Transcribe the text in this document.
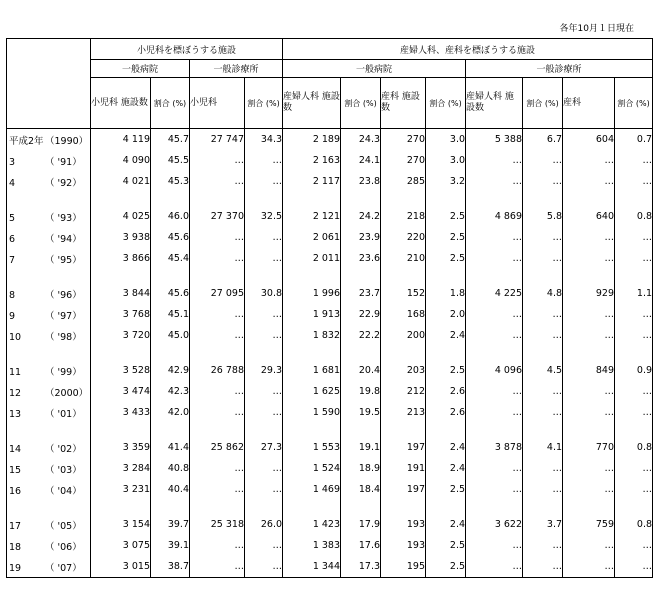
各年10月１日現在
	小児科を標ぼうする施設				産婦人科、産科を標ぼうする施設							
	一般病院		一般診療所		一般病院				一般診療所			
	小児科 施設数	割合 (%)	小児科	割合 (%)	産婦人科 施設数	割合 (%)	産科 施設数	割合 (%)	産婦人科 施設数	割合 (%)	産科	割合 (%)
平成2年（1990）	4 119	45.7	27 747	34.3	2 189	24.3	270	3.0	5 388	6.7	604	0.7
3 （ '91）	4 090	45.5	…	…	2 163	24.1	270	3.0	…	…	…	…
4 （ '92）	4 021	45.3	…	…	2 117	23.8	285	3.2	…	…	…	…
5 （ '93）	4 025	46.0	27 370	32.5	2 121	24.2	218	2.5	4 869	5.8	640	0.8
6 （ '94）	3 938	45.6	…	…	2 061	23.9	220	2.5	…	…	…	…
7 （ '95）	3 866	45.4	…	…	2 011	23.6	210	2.5	…	…	…	…
8 （ '96）	3 844	45.6	27 095	30.8	1 996	23.7	152	1.8	4 225	4.8	929	1.1
9 （ '97）	3 768	45.1	…	…	1 913	22.9	168	2.0	…	…	…	…
10 （ '98）	3 720	45.0	…	…	1 832	22.2	200	2.4	…	…	…	…
11 （ '99）	3 528	42.9	26 788	29.3	1 681	20.4	203	2.5	4 096	4.5	849	0.9
12 （2000）	3 474	42.3	…	…	1 625	19.8	212	2.6	…	…	…	…
13 （ '01）	3 433	42.0	…	…	1 590	19.5	213	2.6	…	…	…	…
14 （ '02）	3 359	41.4	25 862	27.3	1 553	19.1	197	2.4	3 878	4.1	770	0.8
15 （ '03）	3 284	40.8	…	…	1 524	18.9	191	2.4	…	…	…	…
16 （ '04）	3 231	40.4	…	…	1 469	18.4	197	2.5	…	…	…	…
17 （ '05）	3 154	39.7	25 318	26.0	1 423	17.9	193	2.4	3 622	3.7	759	0.8
18 （ '06）	3 075	39.1	…	…	1 383	17.6	193	2.5	…	…	…	…
19 （ '07）	3 015	38.7	…	…	1 344	17.3	195	2.5	…	…	…	…
